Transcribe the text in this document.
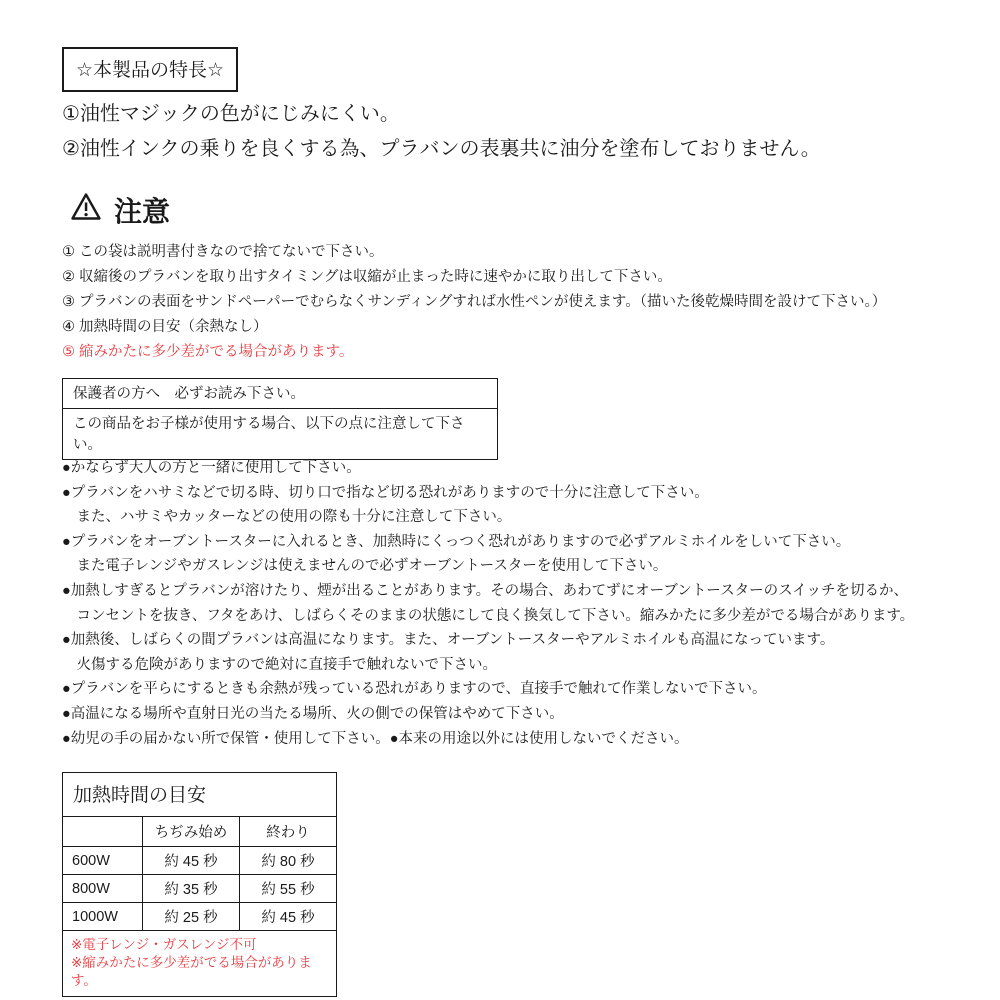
☆本製品の特長☆
①油性マジックの色がにじみにくい。
②油性インクの乗りを良くする為、プラバンの表裏共に油分を塗布しておりません。
注意
① この袋は説明書付きなので捨てないで下さい。
② 収縮後のプラバンを取り出すタイミングは収縮が止まった時に速やかに取り出して下さい。
③ プラバンの表面をサンドペーパーでむらなくサンディングすれば水性ペンが使えます。（描いた後乾燥時間を設けて下さい。）
④ 加熱時間の目安（余熱なし）
⑤ 縮みかたに多少差がでる場合があります。
保護者の方へ　必ずお読み下さい。
この商品をお子様が使用する場合、以下の点に注意して下さい。
●かならず大人の方と一緒に使用して下さい。
●プラバンをハサミなどで切る時、切り口で指など切る恐れがありますので十分に注意して下さい。
　また、ハサミやカッターなどの使用の際も十分に注意して下さい。
●プラバンをオーブントースターに入れるとき、加熱時にくっつく恐れがありますので必ずアルミホイルをしいて下さい。
　また電子レンジやガスレンジは使えませんので必ずオーブントースターを使用して下さい。
●加熱しすぎるとプラバンが溶けたり、煙が出ることがあります。その場合、あわてずにオーブントースターのスイッチを切るか、
　コンセントを抜き、フタをあけ、しばらくそのままの状態にして良く換気して下さい。縮みかたに多少差がでる場合があります。
●加熱後、しばらくの間プラバンは高温になります。また、オーブントースターやアルミホイルも高温になっています。
　火傷する危険がありますので絶対に直接手で触れないで下さい。
●プラバンを平らにするときも余熱が残っている恐れがありますので、直接手で触れて作業しないで下さい。
●高温になる場所や直射日光の当たる場所、火の側での保管はやめて下さい。
●幼児の手の届かない所で保管・使用して下さい。●本来の用途以外には使用しないでください。
加熱時間の目安		
	ちぢみ始め	終わり
600W	約 45 秒	約 80 秒
800W	約 35 秒	約 55 秒
1000W	約 25 秒	約 45 秒

※電子レンジ・ガスレンジ不可
※縮みかたに多少差がでる場合があります。		
